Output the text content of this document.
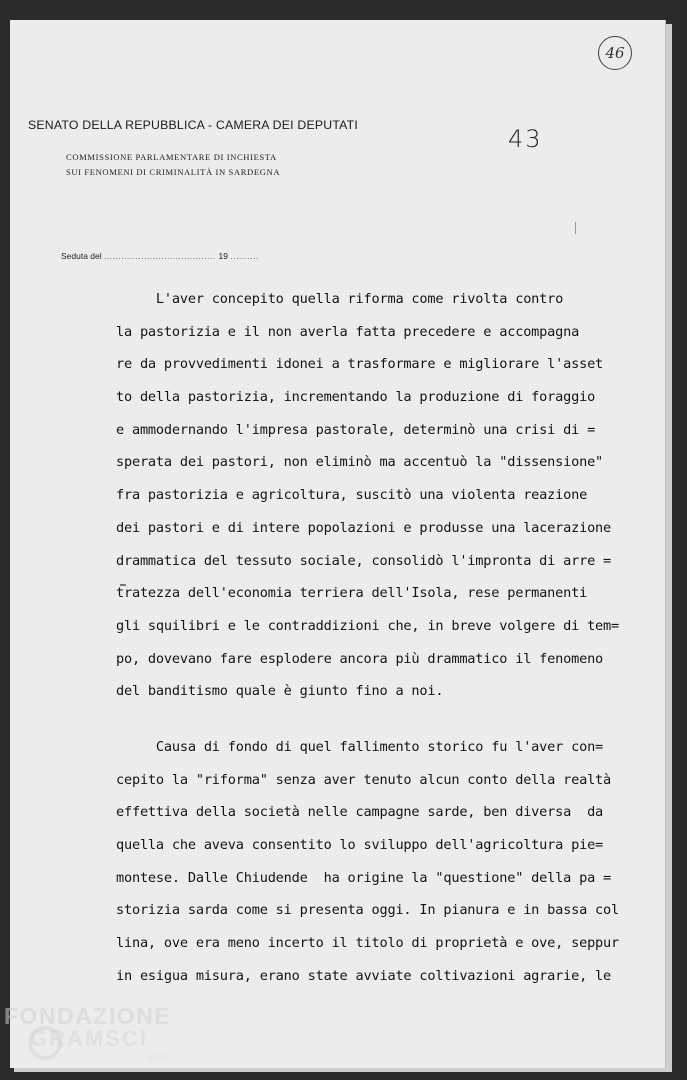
46
43
SENATO DELLA REPUBBLICA - CAMERA DEI DEPUTATI
COMMISSIONE PARLAMENTARE DI INCHIESTA
SUI FENOMENI DI CRIMINALITÀ IN SARDEGNA
Seduta del ....................................... 19 ..........
L'aver concepito quella riforma come rivolta contro
la pastorizia e il non averla fatta precedere e accompagna
re da provvedimenti idonei a trasformare e migliorare l'asset
to della pastorizia, incrementando la produzione di foraggio
e ammodernando l'impresa pastorale, determinò una crisi di =
sperata dei pastori, non eliminò ma accentuò la "dissensione"
fra pastorizia e agricoltura, suscitò una violenta reazione
dei pastori e di intere popolazioni e produsse una lacerazione
drammatica del tessuto sociale, consolidò l'impronta di arre =
tratezza dell'economia terriera dell'Isola, rese permanenti
gli squilibri e le contraddizioni che, in breve volgere di tem=
po, dovevano fare esplodere ancora più drammatico il fenomeno
del banditismo quale è giunto fino a noi.
Causa di fondo di quel fallimento storico fu l'aver con=
cepito la "riforma" senza aver tenuto alcun conto della realtà
effettiva della società nelle campagne sarde, ben diversa  da
quella che aveva consentito lo sviluppo dell'agricoltura pie=
montese. Dalle Chiudende  ha origine la "questione" della pa =
storizia sarda come si presenta oggi. In pianura e in bassa col
lina, ove era meno incerto il titolo di proprietà e ove, seppur
in esigua misura, erano state avviate coltivazioni agrarie, le
FONDAZIONE
GRAMSCI
onlus
